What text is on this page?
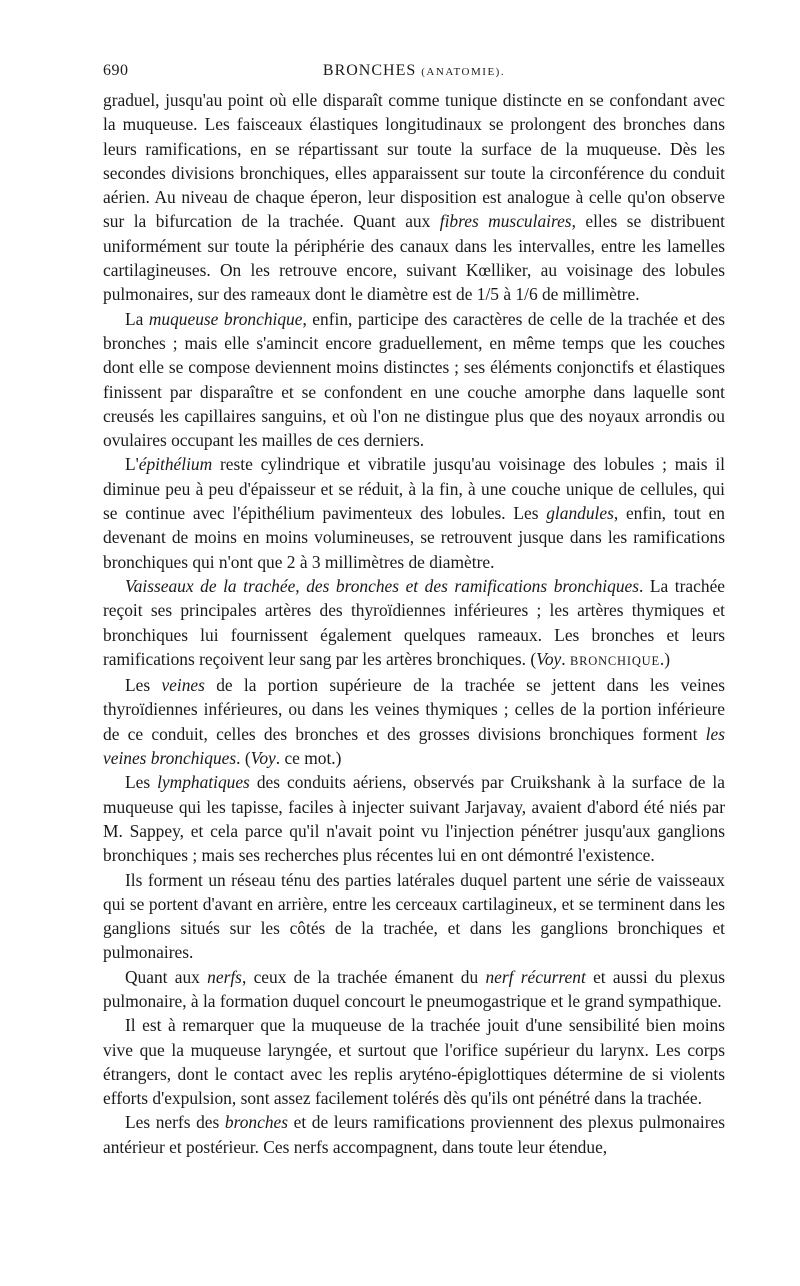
690	BRONCHES (ANATOMIE).

graduel, jusqu'au point où elle disparaît comme tunique distincte en se confondant avec la muqueuse. Les faisceaux élastiques longitudinaux se prolongent des bronches dans leurs ramifications, en se répartissant sur toute la surface de la muqueuse. Dès les secondes divisions bronchiques, elles apparaissent sur toute la circonférence du conduit aérien. Au niveau de chaque éperon, leur disposition est analogue à celle qu'on observe sur la bifurcation de la trachée. Quant aux fibres musculaires, elles se distribuent uniformément sur toute la périphérie des canaux dans les intervalles, entre les lamelles cartilagineuses. On les retrouve encore, suivant Kœlliker, au voisinage des lobules pulmonaires, sur des rameaux dont le diamètre est de 1/5 à 1/6 de millimètre.

La muqueuse bronchique, enfin, participe des caractères de celle de la trachée et des bronches ; mais elle s'amincit encore graduellement, en même temps que les couches dont elle se compose deviennent moins distinctes ; ses éléments conjonctifs et élastiques finissent par disparaître et se confondent en une couche amorphe dans laquelle sont creusés les capillaires sanguins, et où l'on ne distingue plus que des noyaux arrondis ou ovulaires occupant les mailles de ces derniers.

L'épithélium reste cylindrique et vibratile jusqu'au voisinage des lobules ; mais il diminue peu à peu d'épaisseur et se réduit, à la fin, à une couche unique de cellules, qui se continue avec l'épithélium pavimenteux des lobules. Les glandules, enfin, tout en devenant de moins en moins volumineuses, se retrouvent jusque dans les ramifications bronchiques qui n'ont que 2 à 3 millimètres de diamètre.

Vaisseaux de la trachée, des bronches et des ramifications bronchiques. La trachée reçoit ses principales artères des thyroïdiennes inférieures ; les artères thymiques et bronchiques lui fournissent également quelques rameaux. Les bronches et leurs ramifications reçoivent leur sang par les artères bronchiques. (Voy. BRONCHIQUE.)

Les veines de la portion supérieure de la trachée se jettent dans les veines thyroïdiennes inférieures, ou dans les veines thymiques ; celles de la portion inférieure de ce conduit, celles des bronches et des grosses divisions bronchiques forment les veines bronchiques. (Voy. ce mot.)

Les lymphatiques des conduits aériens, observés par Cruikshank à la surface de la muqueuse qui les tapisse, faciles à injecter suivant Jarjavay, avaient d'abord été niés par M. Sappey, et cela parce qu'il n'avait point vu l'injection pénétrer jusqu'aux ganglions bronchiques ; mais ses recherches plus récentes lui en ont démontré l'existence.

Ils forment un réseau ténu des parties latérales duquel partent une série de vaisseaux qui se portent d'avant en arrière, entre les cerceaux cartilagineux, et se terminent dans les ganglions situés sur les côtés de la trachée, et dans les ganglions bronchiques et pulmonaires.

Quant aux nerfs, ceux de la trachée émanent du nerf récurrent et aussi du plexus pulmonaire, à la formation duquel concourt le pneumogastrique et le grand sympathique.

Il est à remarquer que la muqueuse de la trachée jouit d'une sensibilité bien moins vive que la muqueuse laryngée, et surtout que l'orifice supérieur du larynx. Les corps étrangers, dont le contact avec les replis aryténo-épiglottiques détermine de si violents efforts d'expulsion, sont assez facilement tolérés dès qu'ils ont pénétré dans la trachée.

Les nerfs des bronches et de leurs ramifications proviennent des plexus pulmonaires antérieur et postérieur. Ces nerfs accompagnent, dans toute leur étendue,
